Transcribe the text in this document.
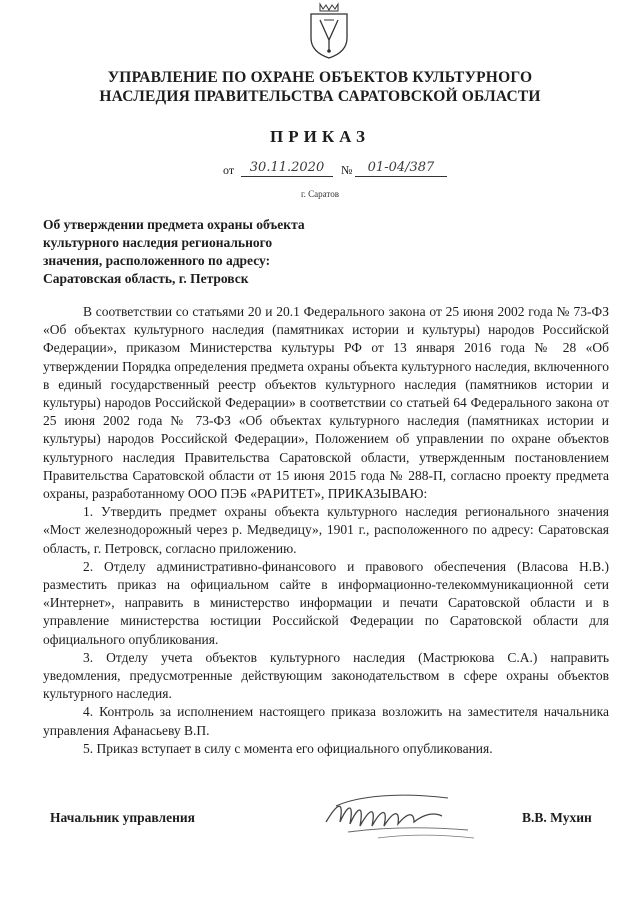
УПРАВЛЕНИЕ ПО ОХРАНЕ ОБЪЕКТОВ КУЛЬТУРНОГО
НАСЛЕДИЯ ПРАВИТЕЛЬСТВА САРАТОВСКОЙ ОБЛАСТИ
ПРИКАЗ
от	30.11.2020	№	01-04/387
г. Саратов
Об утверждении предмета охраны объекта
культурного наследия регионального
значения, расположенного по адресу:
Саратовская область, г. Петровск

В соответствии со статьями 20 и 20.1 Федерального закона от 25 июня 2002 года № 73-ФЗ «Об объектах культурного наследия (памятниках истории и культуры) народов Российской Федерации», приказом Министерства культуры РФ от 13 января 2016 года № 28 «Об утверждении Порядка определения предмета охраны объекта культурного наследия, включенного в единый государственный реестр объектов культурного наследия (памятников истории и культуры) народов Российской Федерации» в соответствии со статьей 64 Федерального закона от 25 июня 2002 года № 73-ФЗ «Об объектах культурного наследия (памятниках истории и культуры) народов Российской Федерации», Положением об управлении по охране объектов культурного наследия Правительства Саратовской области, утвержденным постановлением Правительства Саратовской области от 15 июня 2015 года № 288-П, согласно проекту предмета охраны, разработанному ООО ПЭБ «РАРИТЕТ», ПРИКАЗЫВАЮ:

1. Утвердить предмет охраны объекта культурного наследия регионального значения «Мост железнодорожный через р. Медведицу», 1901 г., расположенного по адресу: Саратовская область, г. Петровск, согласно приложению.

2. Отделу административно-финансового и правового обеспечения (Власова Н.В.) разместить приказ на официальном сайте в информационно-телекоммуникационной сети «Интернет», направить в министерство информации и печати Саратовской области и в управление министерства юстиции Российской Федерации по Саратовской области для официального опубликования.

3. Отделу учета объектов культурного наследия (Мастрюкова С.А.) направить уведомления, предусмотренные действующим законодательством в сфере охраны объектов культурного наследия.

4. Контроль за исполнением настоящего приказа возложить на заместителя начальника управления Афанасьеву В.П.

5. Приказ вступает в силу с момента его официального опубликования.

Начальник управления	В.В. Мухин
